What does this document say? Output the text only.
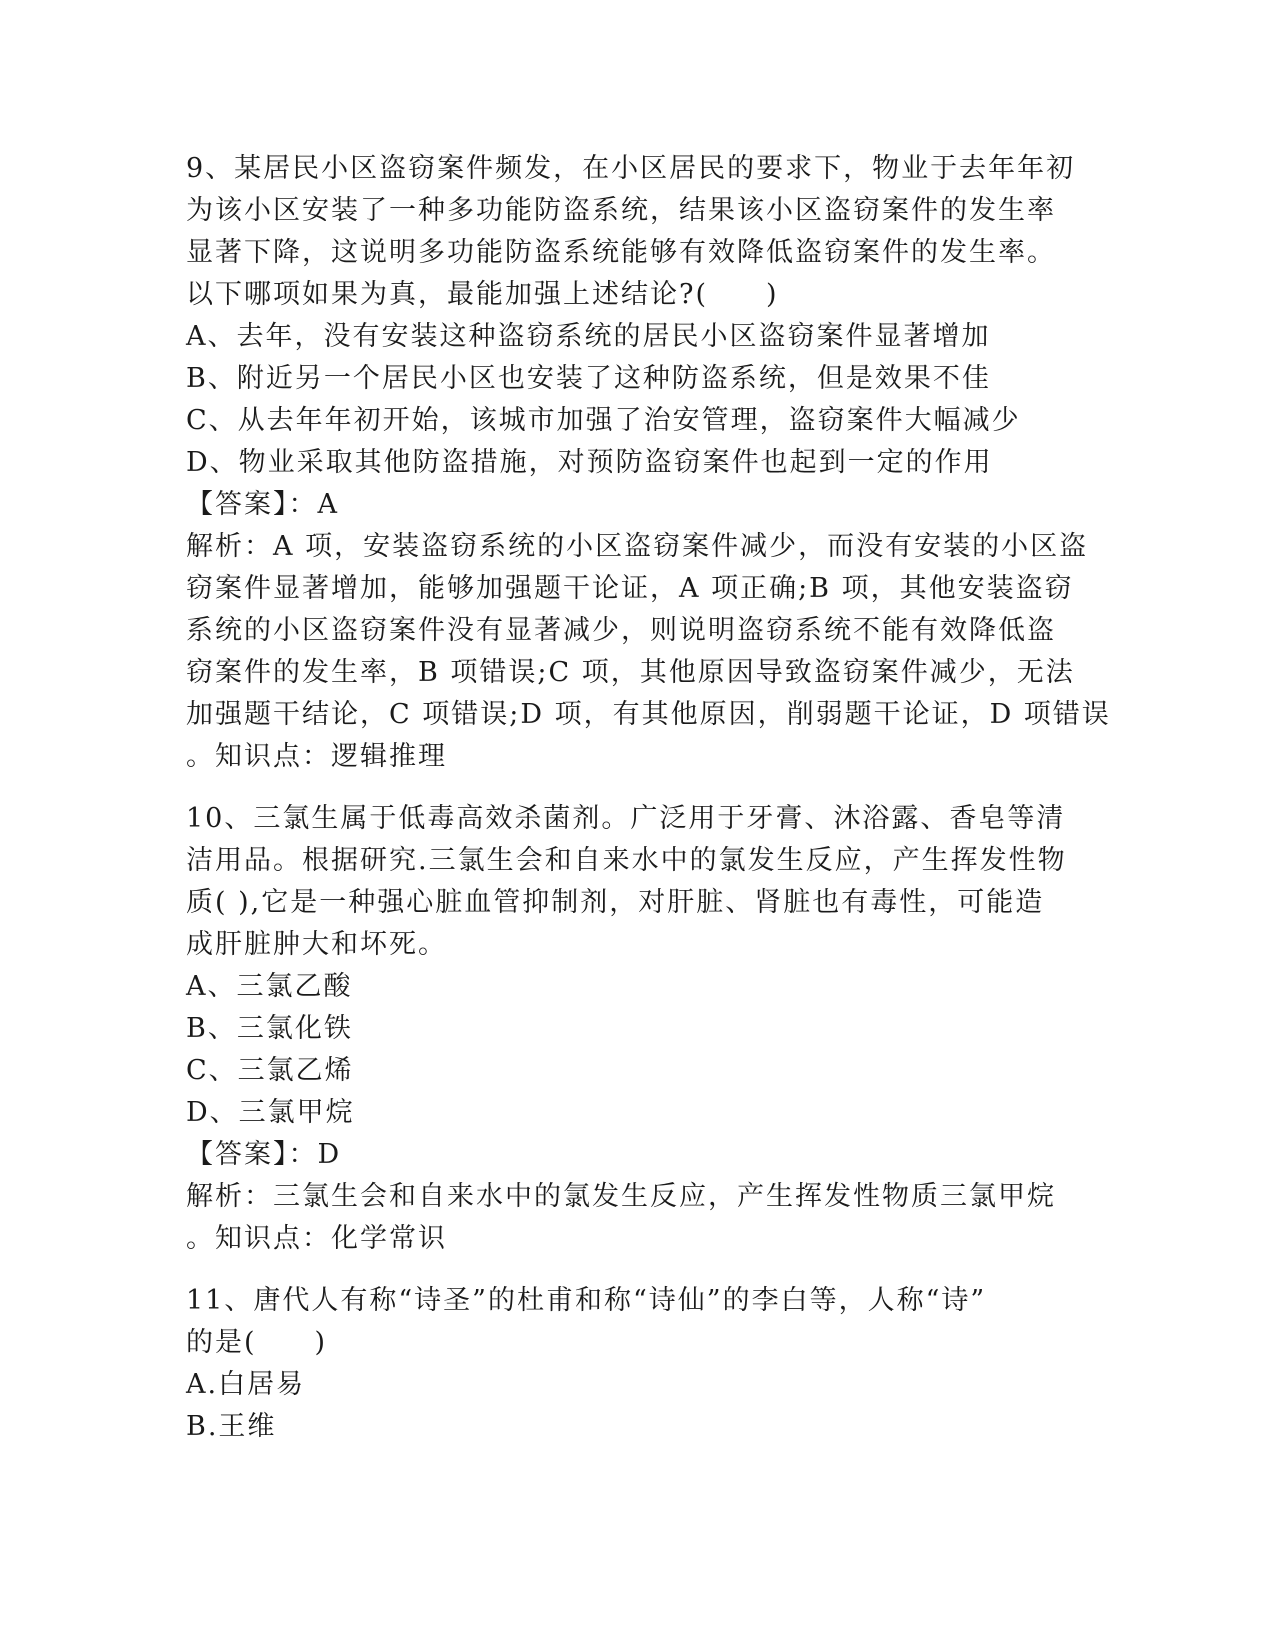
9、某居民小区盗窃案件频发，在小区居民的要求下，物业于去年年初
为该小区安装了一种多功能防盗系统，结果该小区盗窃案件的发生率
显著下降，这说明多功能防盗系统能够有效降低盗窃案件的发生率。
以下哪项如果为真，最能加强上述结论?(　　)
A、去年，没有安装这种盗窃系统的居民小区盗窃案件显著增加
B、附近另一个居民小区也安装了这种防盗系统，但是效果不佳
C、从去年年初开始，该城市加强了治安管理，盗窃案件大幅减少
D、物业采取其他防盗措施，对预防盗窃案件也起到一定的作用
【答案】：A
解析：A 项，安装盗窃系统的小区盗窃案件减少，而没有安装的小区盗
窃案件显著增加，能够加强题干论证，A 项正确;B 项，其他安装盗窃
系统的小区盗窃案件没有显著减少，则说明盗窃系统不能有效降低盗
窃案件的发生率，B 项错误;C 项，其他原因导致盗窃案件减少，无法
加强题干结论，C 项错误;D 项，有其他原因，削弱题干论证，D 项错误
。知识点：逻辑推理
10、三氯生属于低毒高效杀菌剂。广泛用于牙膏、沐浴露、香皂等清
洁用品。根据研究.三氯生会和自来水中的氯发生反应，产生挥发性物
质( ),它是一种强心脏血管抑制剂，对肝脏、肾脏也有毒性，可能造
成肝脏肿大和坏死。
A、三氯乙酸
B、三氯化铁
C、三氯乙烯
D、三氯甲烷
【答案】：D
解析：三氯生会和自来水中的氯发生反应，产生挥发性物质三氯甲烷
。知识点：化学常识
11、唐代人有称“诗圣”的杜甫和称“诗仙”的李白等，人称“诗”
的是(　　)
A.白居易
B.王维
